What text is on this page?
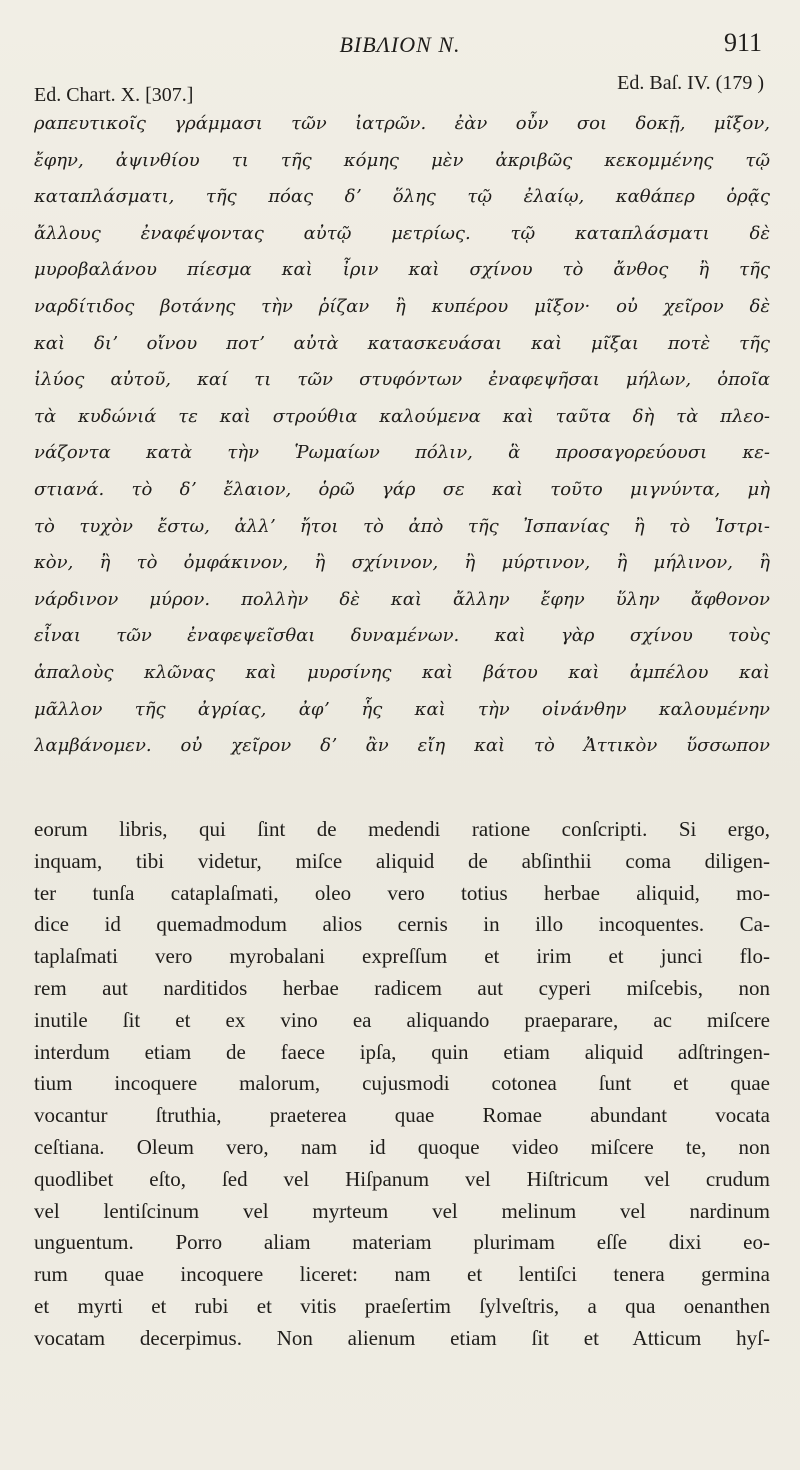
BIBΛION N.	911
Ed. Chart. X. [307.]
Ed. Baſ. IV. (179 )
ραπευτικοῖς γράμμασι τῶν ἰατρῶν. ἐὰν οὖν σοι δοκῇ, μῖξον,
ἔφην, ἀψινθίου τι τῆς κόμης μὲν ἀκριβῶς κεκομμένης τῷ
καταπλάσματι, τῆς πόας δʼ ὅλης τῷ ἐλαίῳ, καθάπερ ὁρᾷς
ἄλλους ἐναφέψοντας αὐτῷ μετρίως. τῷ καταπλάσματι δὲ
μυροβαλάνου πίεσμα καὶ ἶριν καὶ σχίνου τὸ ἄνθος ἢ τῆς
ναρδίτιδος βοτάνης τὴν ῥίζαν ἢ κυπέρου μῖξον· οὐ χεῖρον δὲ
καὶ διʼ οἴνου ποτʼ αὐτὰ κατασκευάσαι καὶ μῖξαι ποτὲ τῆς
ἰλύος αὐτοῦ, καί τι τῶν στυφόντων ἐναφεψῆσαι μήλων, ὁποῖα
τὰ κυδώνιά τε καὶ στρούθια καλούμενα καὶ ταῦτα δὴ τὰ πλεο-
νάζοντα κατὰ τὴν Ῥωμαίων πόλιν, ἃ προσαγορεύουσι κε-
στιανά. τὸ δʼ ἔλαιον, ὁρῶ γάρ σε καὶ τοῦτο μιγνύντα, μὴ
τὸ τυχὸν ἔστω, ἀλλʼ ἤτοι τὸ ἀπὸ τῆς Ἰσπανίας ἢ τὸ Ἰστρι-
κὸν, ἢ τὸ ὀμφάκινον, ἢ σχίνινον, ἢ μύρτινον, ἢ μήλινον, ἢ
νάρδινον μύρον. πολλὴν δὲ καὶ ἄλλην ἔφην ὕλην ἄφθονον
εἶναι τῶν ἐναφεψεῖσθαι δυναμένων. καὶ γὰρ σχίνου τοὺς
ἁπαλοὺς κλῶνας καὶ μυρσίνης καὶ βάτου καὶ ἀμπέλου καὶ
μᾶλλον τῆς ἀγρίας, ἀφʼ ἧς καὶ τὴν οἰνάνθην καλουμένην
λαμβάνομεν. οὐ χεῖρον δʼ ἂν εἴη καὶ τὸ Ἀττικὸν ὕσσωπον
eorum libris, qui ſint de medendi ratione conſcripti. Si ergo,
inquam, tibi videtur, miſce aliquid de abſinthii coma diligen-
ter tunſa cataplaſmati, oleo vero totius herbae aliquid, mo-
dice id quemadmodum alios cernis in illo incoquentes. Ca-
taplaſmati vero myrobalani expreſſum et irim et junci flo-
rem aut narditidos herbae radicem aut cyperi miſcebis, non
inutile ſit et ex vino ea aliquando praeparare, ac miſcere
interdum etiam de faece ipſa, quin etiam aliquid adſtringen-
tium incoquere malorum, cujusmodi cotonea ſunt et quae
vocantur ſtruthia, praeterea quae Romae abundant vocata
ceſtiana. Oleum vero, nam id quoque video miſcere te, non
quodlibet eſto, ſed vel Hiſpanum vel Hiſtricum vel crudum
vel lentiſcinum vel myrteum vel melinum vel nardinum
unguentum. Porro aliam materiam plurimam eſſe dixi eo-
rum quae incoquere liceret: nam et lentiſci tenera germina
et myrti et rubi et vitis praeſertim ſylveſtris, a qua oenanthen
vocatam decerpimus. Non alienum etiam ſit et Atticum hyſ-
